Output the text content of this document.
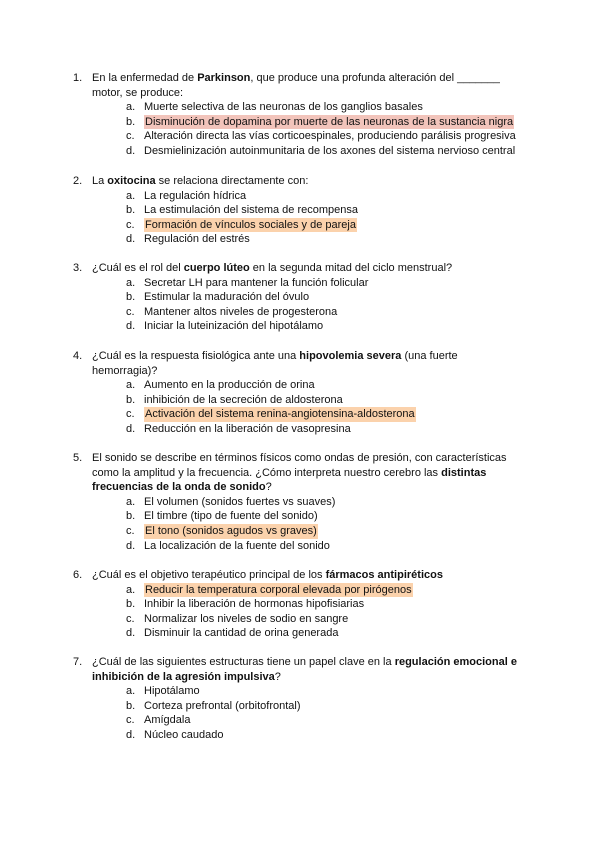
1. En la enfermedad de Parkinson, que produce una profunda alteración del _______ motor, se produce:
a. Muerte selectiva de las neuronas de los ganglios basales
b. Disminución de dopamina por muerte de las neuronas de la sustancia nigra
c. Alteración directa las vías corticoespinales, produciendo parálisis progresiva
d. Desmielinización autoinmunitaria de los axones del sistema nervioso central
2. La oxitocina se relaciona directamente con:
a. La regulación hídrica
b. La estimulación del sistema de recompensa
c. Formación de vínculos sociales y de pareja
d. Regulación del estrés
3. ¿Cuál es el rol del cuerpo lúteo en la segunda mitad del ciclo menstrual?
a. Secretar LH para mantener la función folicular
b. Estimular la maduración del óvulo
c. Mantener altos niveles de progesterona
d. Iniciar la luteinización del hipotálamo
4. ¿Cuál es la respuesta fisiológica ante una hipovolemia severa (una fuerte hemorragia)?
a. Aumento en la producción de orina
b. inhibición de la secreción de aldosterona
c. Activación del sistema renina-angiotensina-aldosterona
d. Reducción en la liberación de vasopresina
5. El sonido se describe en términos físicos como ondas de presión, con características como la amplitud y la frecuencia. ¿Cómo interpreta nuestro cerebro las distintas frecuencias de la onda de sonido?
a. El volumen (sonidos fuertes vs suaves)
b. El timbre (tipo de fuente del sonido)
c. El tono (sonidos agudos vs graves)
d. La localización de la fuente del sonido
6. ¿Cuál es el objetivo terapéutico principal de los fármacos antipiréticos
a. Reducir la temperatura corporal elevada por pirógenos
b. Inhibir la liberación de hormonas hipofisiarias
c. Normalizar los niveles de sodio en sangre
d. Disminuir la cantidad de orina generada
7. ¿Cuál de las siguientes estructuras tiene un papel clave en la regulación emocional e inhibición de la agresión impulsiva?
a. Hipotálamo
b. Corteza prefrontal (orbitofrontal)
c. Amígdala
d. Núcleo caudado
